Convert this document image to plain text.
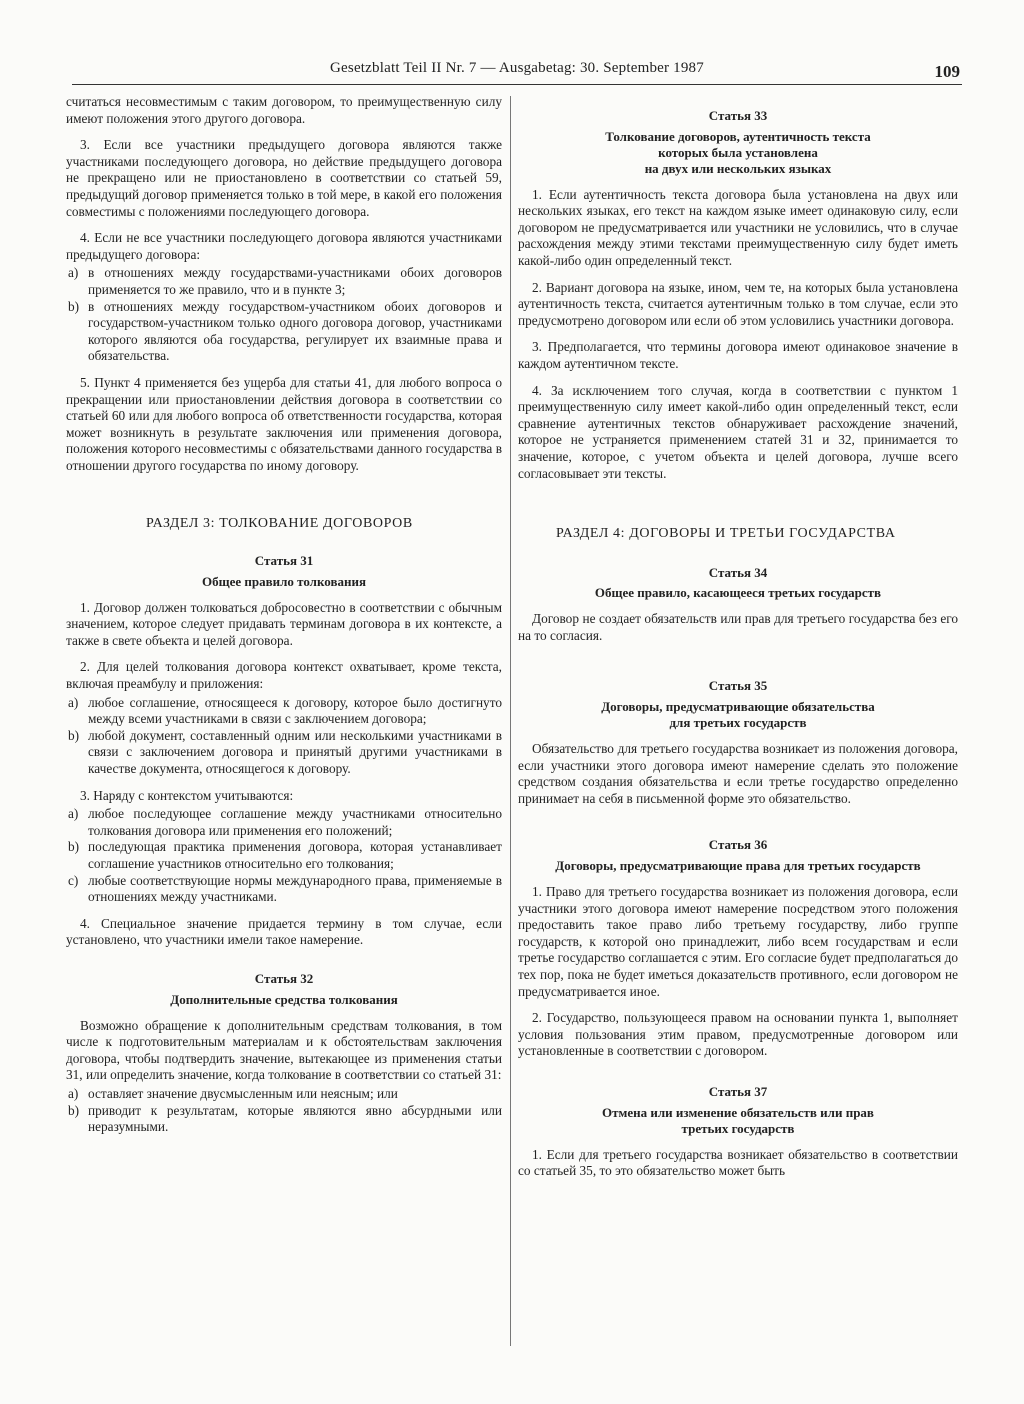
Gesetzblatt Teil II Nr. 7 — Ausgabetag: 30. September 1987	109

считаться несовместимым с таким договором, то преимущественную силу имеют положения этого другого договора.

3. Если все участники предыдущего договора являются также участниками последующего договора, но действие предыдущего договора не прекращено или не приостановлено в соответствии со статьей 59, предыдущий договор применяется только в той мере, в какой его положения совместимы с положениями последующего договора.

4. Если не все участники последующего договора являются участниками предыдущего договора:

a) в отношениях между государствами-участниками обоих договоров применяется то же правило, что и в пункте 3;
b) в отношениях между государством-участником обоих договоров и государством-участником только одного договора договор, участниками которого являются оба государства, регулирует их взаимные права и обязательства.

5. Пункт 4 применяется без ущерба для статьи 41, для любого вопроса о прекращении или приостановлении действия договора в соответствии со статьей 60 или для любого вопроса об ответственности государства, которая может возникнуть в результате заключения или применения договора, положения которого несовместимы с обязательствами данного государства в отношении другого государства по иному договору.

РАЗДЕЛ 3: ТОЛКОВАНИЕ ДОГОВОРОВ

Статья 31

Общее правило толкования

1. Договор должен толковаться добросовестно в соответствии с обычным значением, которое следует придавать терминам договора в их контексте, а также в свете объекта и целей договора.

2. Для целей толкования договора контекст охватывает, кроме текста, включая преамбулу и приложения:

a) любое соглашение, относящееся к договору, которое было достигнуто между всеми участниками в связи с заключением договора;
b) любой документ, составленный одним или несколькими участниками в связи с заключением договора и принятый другими участниками в качестве документа, относящегося к договору.

3. Наряду с контекстом учитываются:

a) любое последующее соглашение между участниками относительно толкования договора или применения его положений;
b) последующая практика применения договора, которая устанавливает соглашение участников относительно его толкования;
c) любые соответствующие нормы международного права, применяемые в отношениях между участниками.

4. Специальное значение придается термину в том случае, если установлено, что участники имели такое намерение.

Статья 32

Дополнительные средства толкования

Возможно обращение к дополнительным средствам толкования, в том числе к подготовительным материалам и к обстоятельствам заключения договора, чтобы подтвердить значение, вытекающее из применения статьи 31, или определить значение, когда толкование в соответствии со статьей 31:

a) оставляет значение двусмысленным или неясным; или
b) приводит к результатам, которые являются явно абсурдными или неразумными.

Статья 33

Толкование договоров, аутентичность текста
которых была установлена
на двух или нескольких языках

1. Если аутентичность текста договора была установлена на двух или нескольких языках, его текст на каждом языке имеет одинаковую силу, если договором не предусматривается или участники не условились, что в случае расхождения между этими текстами преимущественную силу будет иметь какой-либо один определенный текст.

2. Вариант договора на языке, ином, чем те, на которых была установлена аутентичность текста, считается аутентичным только в том случае, если это предусмотрено договором или если об этом условились участники договора.

3. Предполагается, что термины договора имеют одинаковое значение в каждом аутентичном тексте.

4. За исключением того случая, когда в соответствии с пунктом 1 преимущественную силу имеет какой-либо один определенный текст, если сравнение аутентичных текстов обнаруживает расхождение значений, которое не устраняется применением статей 31 и 32, принимается то значение, которое, с учетом объекта и целей договора, лучше всего согласовывает эти тексты.

РАЗДЕЛ 4: ДОГОВОРЫ И ТРЕТЬИ ГОСУДАРСТВА

Статья 34

Общее правило, касающееся третьих государств

Договор не создает обязательств или прав для третьего государства без его на то согласия.

Статья 35

Договоры, предусматривающие обязательства
для третьих государств

Обязательство для третьего государства возникает из положения договора, если участники этого договора имеют намерение сделать это положение средством создания обязательства и если третье государство определенно принимает на себя в письменной форме это обязательство.

Статья 36

Договоры, предусматривающие права для третьих государств

1. Право для третьего государства возникает из положения договора, если участники этого договора имеют намерение посредством этого положения предоставить такое право либо третьему государству, либо группе государств, к которой оно принадлежит, либо всем государствам и если третье государство соглашается с этим. Его согласие будет предполагаться до тех пор, пока не будет иметься доказательств противного, если договором не предусматривается иное.

2. Государство, пользующееся правом на основании пункта 1, выполняет условия пользования этим правом, предусмотренные договором или установленные в соответствии с договором.

Статья 37

Отмена или изменение обязательств или прав
третьих государств

1. Если для третьего государства возникает обязательство в соответствии со статьей 35, то это обязательство может быть
